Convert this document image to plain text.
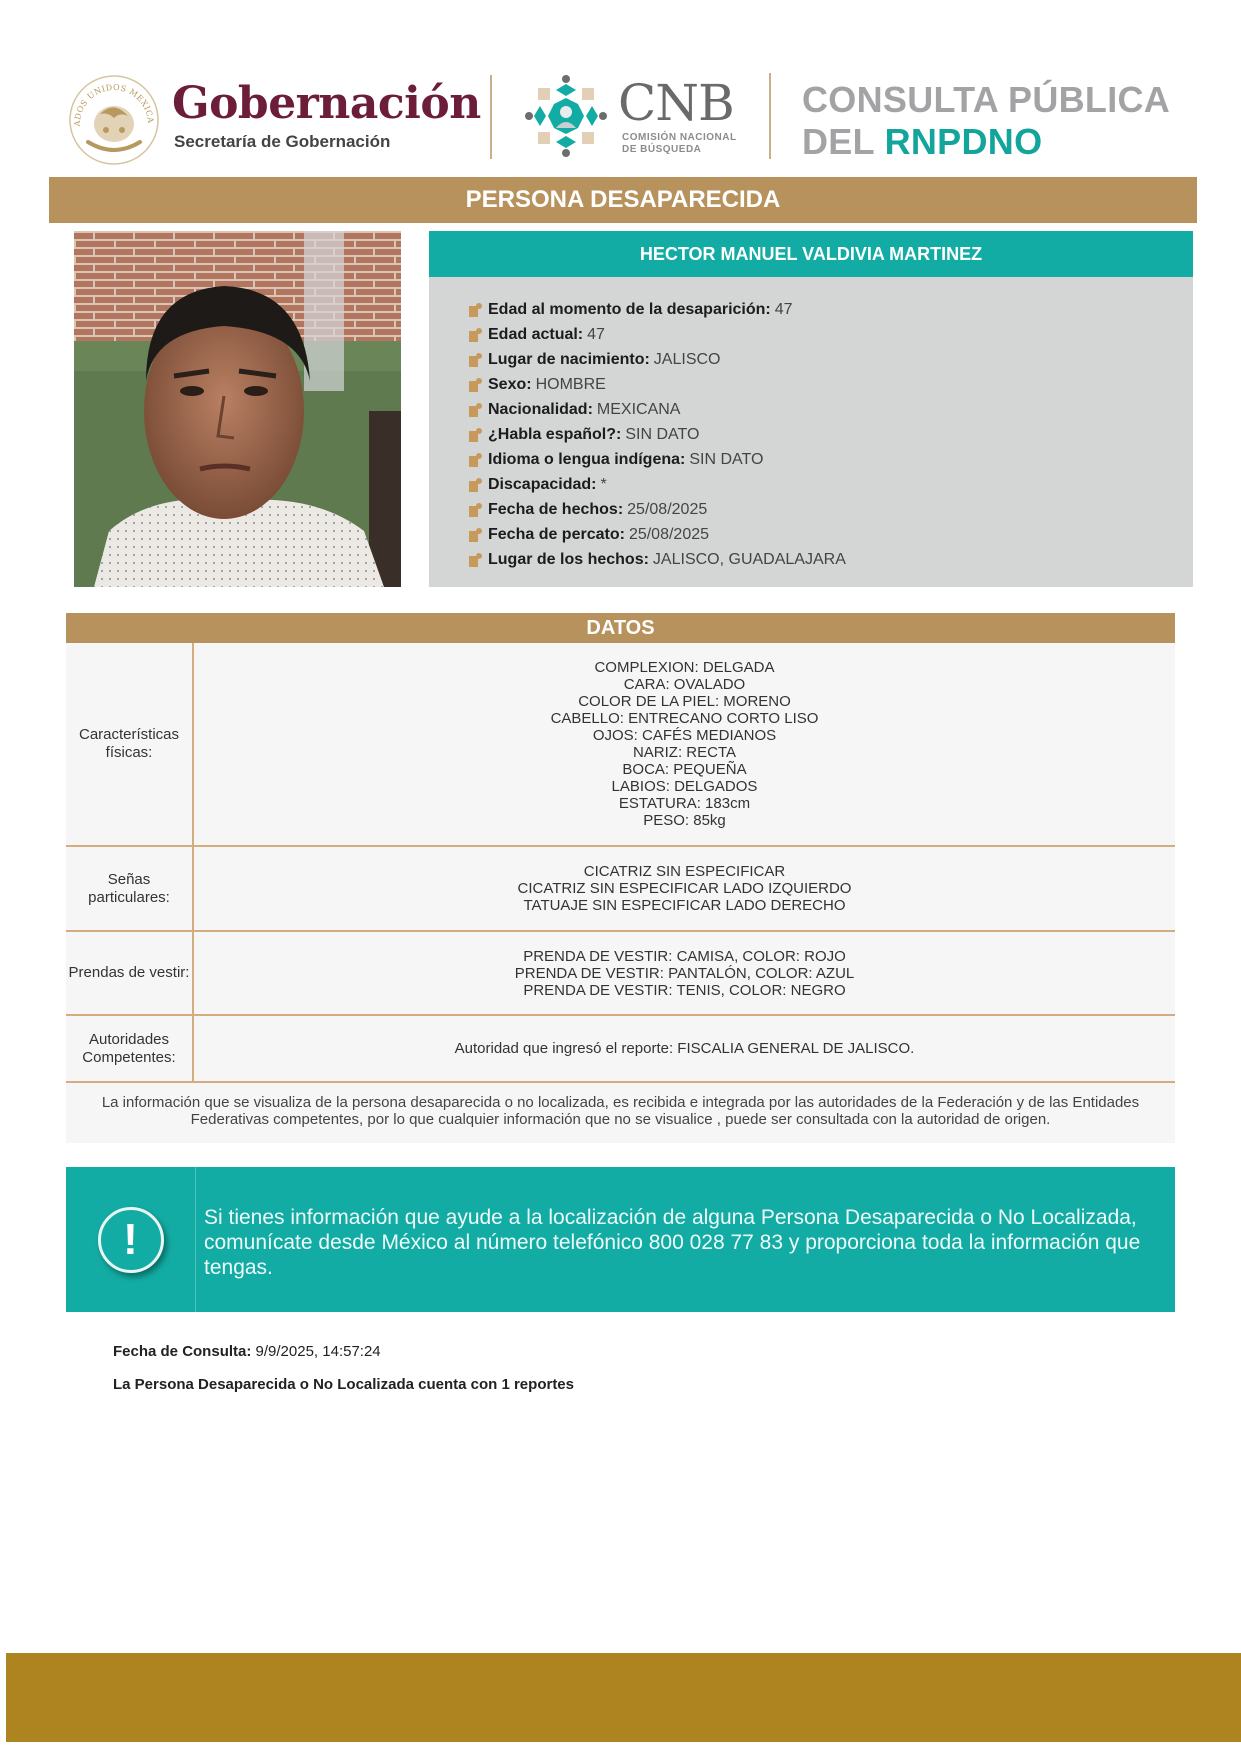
ADOS UNIDOS MEXICA Gobernación
Secretaría de Gobernación
CNB
COMISIÓN NACIONAL
DE BÚSQUEDA
CONSULTA PÚBLICA
DEL RNPDNO
PERSONA DESAPARECIDA
HECTOR MANUEL VALDIVIA MARTINEZ
Edad al momento de la desaparición: 47
Edad actual: 47
Lugar de nacimiento: JALISCO
Sexo: HOMBRE
Nacionalidad: MEXICANA
¿Habla español?: SIN DATO
Idioma o lengua indígena: SIN DATO
Discapacidad: *
Fecha de hechos: 25/08/2025
Fecha de percato: 25/08/2025
Lugar de los hechos: JALISCO, GUADALAJARA
DATOS
Características físicas:
COMPLEXION: DELGADA
CARA: OVALADO
COLOR DE LA PIEL: MORENO
CABELLO: ENTRECANO CORTO LISO
OJOS: CAFÉS MEDIANOS
NARIZ: RECTA
BOCA: PEQUEÑA
LABIOS: DELGADOS
ESTATURA: 183cm
PESO: 85kg
Señas particulares:
CICATRIZ SIN ESPECIFICAR
CICATRIZ SIN ESPECIFICAR LADO IZQUIERDO
TATUAJE SIN ESPECIFICAR LADO DERECHO
Prendas de vestir:
PRENDA DE VESTIR: CAMISA, COLOR: ROJO
PRENDA DE VESTIR: PANTALÓN, COLOR: AZUL
PRENDA DE VESTIR: TENIS, COLOR: NEGRO
Autoridades Competentes:	Autoridad que ingresó el reporte: FISCALIA GENERAL DE JALISCO.
La información que se visualiza de la persona desaparecida o no localizada, es recibida e integrada por las autoridades de la Federación y de las Entidades Federativas competentes, por lo que cualquier información que no se visualice , puede ser consultada con la autoridad de origen.
!	Si tienes información que ayude a la localización de alguna Persona Desaparecida o No Localizada, comunícate desde México al número telefónico 800 028 77 83 y proporciona toda la información que tengas.
Fecha de Consulta: 9/9/2025, 14:57:24
La Persona Desaparecida o No Localizada cuenta con 1 reportes
